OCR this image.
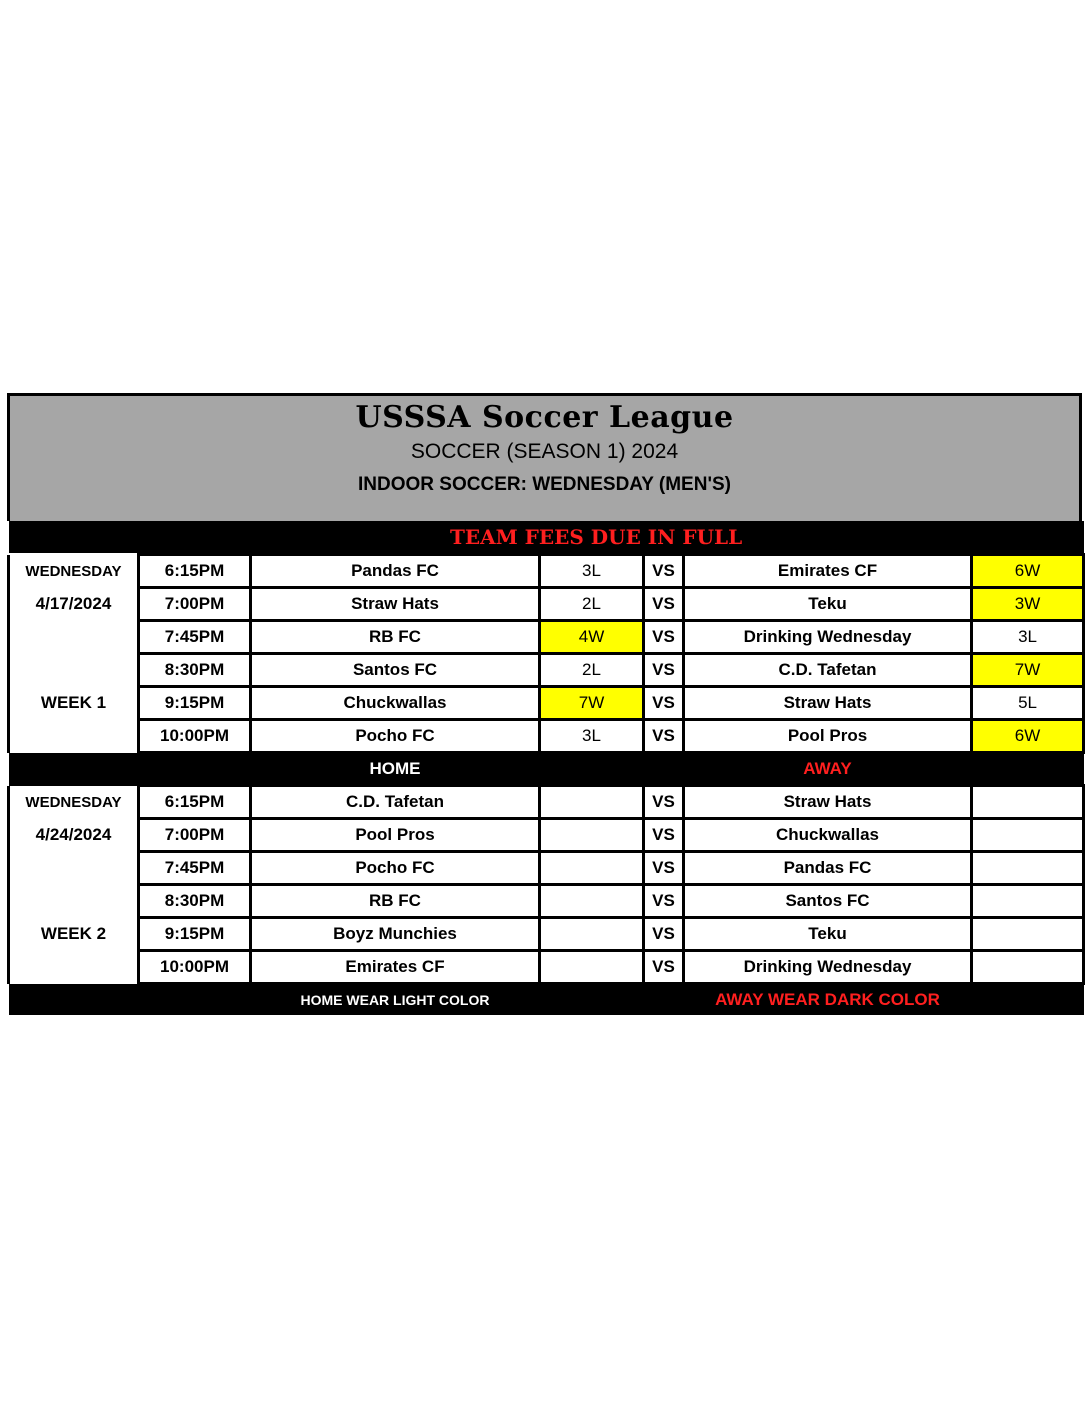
USSSA Soccer League
SOCCER (SEASON 1) 2024
INDOOR SOCCER: WEDNESDAY (MEN'S)
TEAM FEES DUE IN FULL						
WEDNESDAY	6:15PM	Pandas FC	3L	VS	Emirates CF	6W
4/17/2024	7:00PM	Straw Hats	2L	VS	Teku	3W
	7:45PM	RB FC	4W	VS	Drinking Wednesday	3L
	8:30PM	Santos FC	2L	VS	C.D. Tafetan	7W
WEEK 1	9:15PM	Chuckwallas	7W	VS	Straw Hats	5L
	10:00PM	Pocho FC	3L	VS	Pool Pros	6W
		HOME			AWAY	
WEDNESDAY	6:15PM	C.D. Tafetan		VS	Straw Hats	
4/24/2024	7:00PM	Pool Pros		VS	Chuckwallas	
	7:45PM	Pocho FC		VS	Pandas FC	
	8:30PM	RB FC		VS	Santos FC	
WEEK 2	9:15PM	Boyz Munchies		VS	Teku	
	10:00PM	Emirates CF		VS	Drinking Wednesday	
		HOME WEAR LIGHT COLOR			AWAY WEAR DARK COLOR	
